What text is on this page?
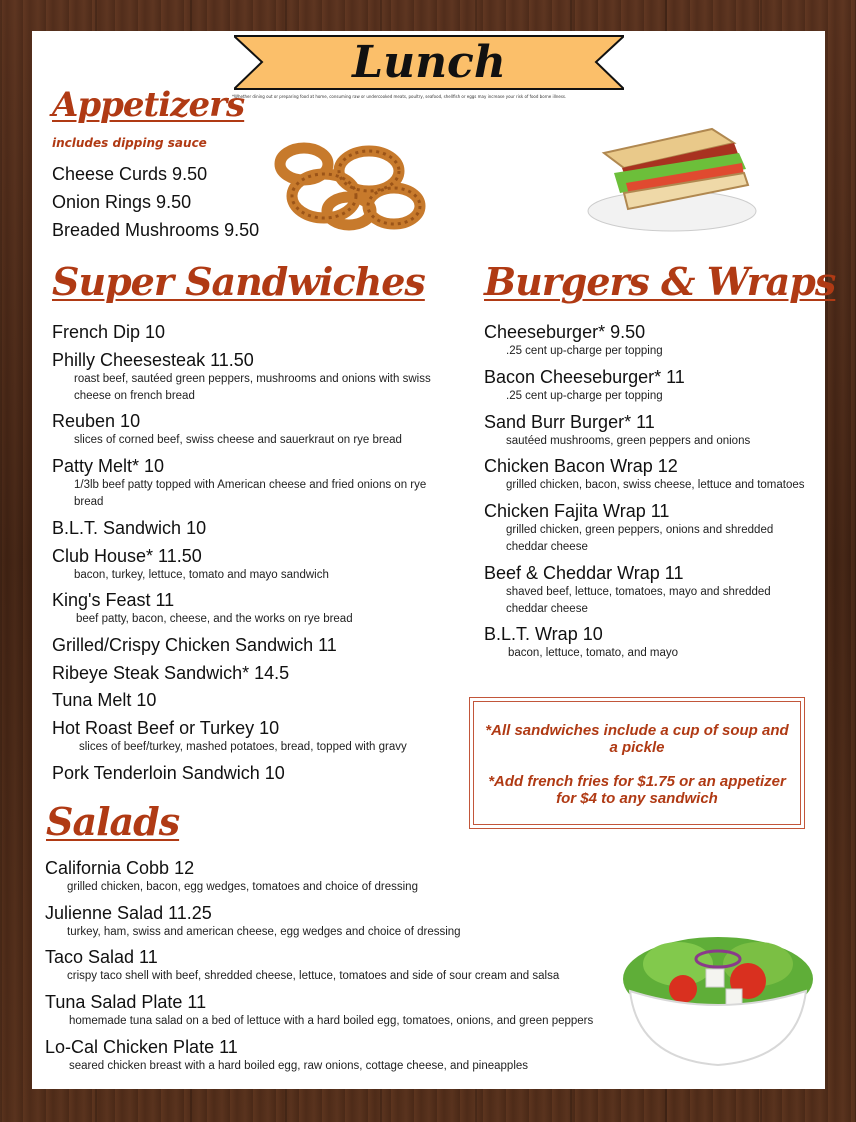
Lunch
*Whether dining out or preparing food at home, consuming raw or undercooked meats, poultry, seafood, shellfish or eggs may increase your risk of food borne illness.
Appetizers
includes dipping sauce
Cheese Curds 9.50
Onion Rings 9.50
Breaded Mushrooms 9.50
Super Sandwiches
French Dip 10
Philly Cheesesteak 11.50
roast beef, sautéed green peppers, mushrooms and onions with swiss cheese on french bread
Reuben 10
slices of corned beef, swiss cheese and sauerkraut on rye bread
Patty Melt* 10
1/3lb beef patty topped with American cheese and fried onions on rye bread
B.L.T. Sandwich 10
Club House* 11.50
bacon, turkey, lettuce, tomato and mayo sandwich
King's Feast 11
beef patty, bacon, cheese, and the works on rye bread
Grilled/Crispy Chicken Sandwich 11
Ribeye Steak Sandwich* 14.5
Tuna Melt 10
Hot Roast Beef or Turkey 10
slices of beef/turkey, mashed potatoes, bread, topped with gravy
Pork Tenderloin Sandwich 10
Burgers & Wraps
Cheeseburger* 9.50
.25 cent up-charge per topping
Bacon Cheeseburger* 11
.25 cent up-charge per topping
Sand Burr Burger* 11
sautéed mushrooms, green peppers and onions
Chicken Bacon Wrap 12
grilled chicken, bacon, swiss cheese, lettuce and tomatoes
Chicken Fajita Wrap 11
grilled chicken, green peppers, onions and shredded cheddar cheese
Beef & Cheddar Wrap 11
shaved beef, lettuce, tomatoes, mayo and shredded cheddar cheese
B.L.T. Wrap 10
bacon, lettuce, tomato, and mayo
*All sandwiches include a cup of soup and a pickle
*Add french fries for $1.75 or an appetizer for $4 to any sandwich
Salads
California Cobb 12
grilled chicken, bacon, egg wedges, tomatoes and choice of dressing
Julienne Salad 11.25
turkey, ham, swiss and american cheese, egg wedges and choice of dressing
Taco Salad 11
crispy taco shell with beef, shredded cheese, lettuce, tomatoes and side of sour cream and salsa
Tuna Salad Plate 11
homemade tuna salad on a bed of lettuce with a hard boiled egg, tomatoes, onions, and green peppers
Lo-Cal Chicken Plate 11
seared chicken breast with a hard boiled egg, raw onions, cottage cheese, and pineapples
